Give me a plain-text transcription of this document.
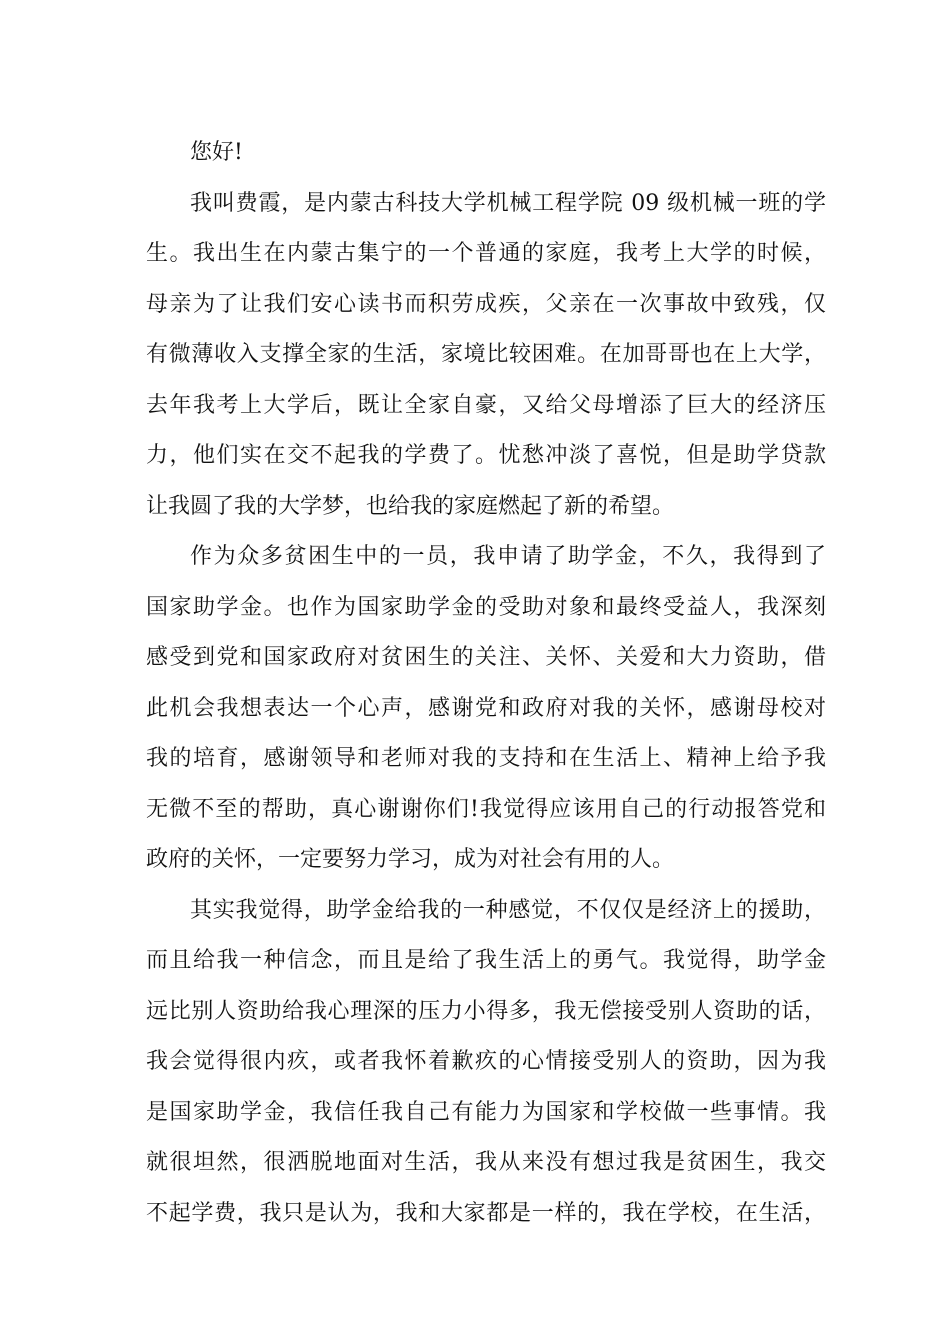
您好!
我叫费霞，是内蒙古科技大学机械工程学院 09 级机械一班的学
生。我出生在内蒙古集宁的一个普通的家庭，我考上大学的时候，
母亲为了让我们安心读书而积劳成疾，父亲在一次事故中致残，仅
有微薄收入支撑全家的生活，家境比较困难。在加哥哥也在上大学，
去年我考上大学后，既让全家自豪，又给父母增添了巨大的经济压
力，他们实在交不起我的学费了。忧愁冲淡了喜悦，但是助学贷款
让我圆了我的大学梦，也给我的家庭燃起了新的希望。
作为众多贫困生中的一员，我申请了助学金，不久，我得到了
国家助学金。也作为国家助学金的受助对象和最终受益人，我深刻
感受到党和国家政府对贫困生的关注、关怀、关爱和大力资助，借
此机会我想表达一个心声，感谢党和政府对我的关怀，感谢母校对
我的培育，感谢领导和老师对我的支持和在生活上、精神上给予我
无微不至的帮助，真心谢谢你们!我觉得应该用自己的行动报答党和
政府的关怀，一定要努力学习，成为对社会有用的人。
其实我觉得，助学金给我的一种感觉，不仅仅是经济上的援助，
而且给我一种信念，而且是给了我生活上的勇气。我觉得，助学金
远比别人资助给我心理深的压力小得多，我无偿接受别人资助的话，
我会觉得很内疚，或者我怀着歉疚的心情接受别人的资助，因为我
是国家助学金，我信任我自己有能力为国家和学校做一些事情。我
就很坦然，很洒脱地面对生活，我从来没有想过我是贫困生，我交
不起学费，我只是认为，我和大家都是一样的，我在学校，在生活，
